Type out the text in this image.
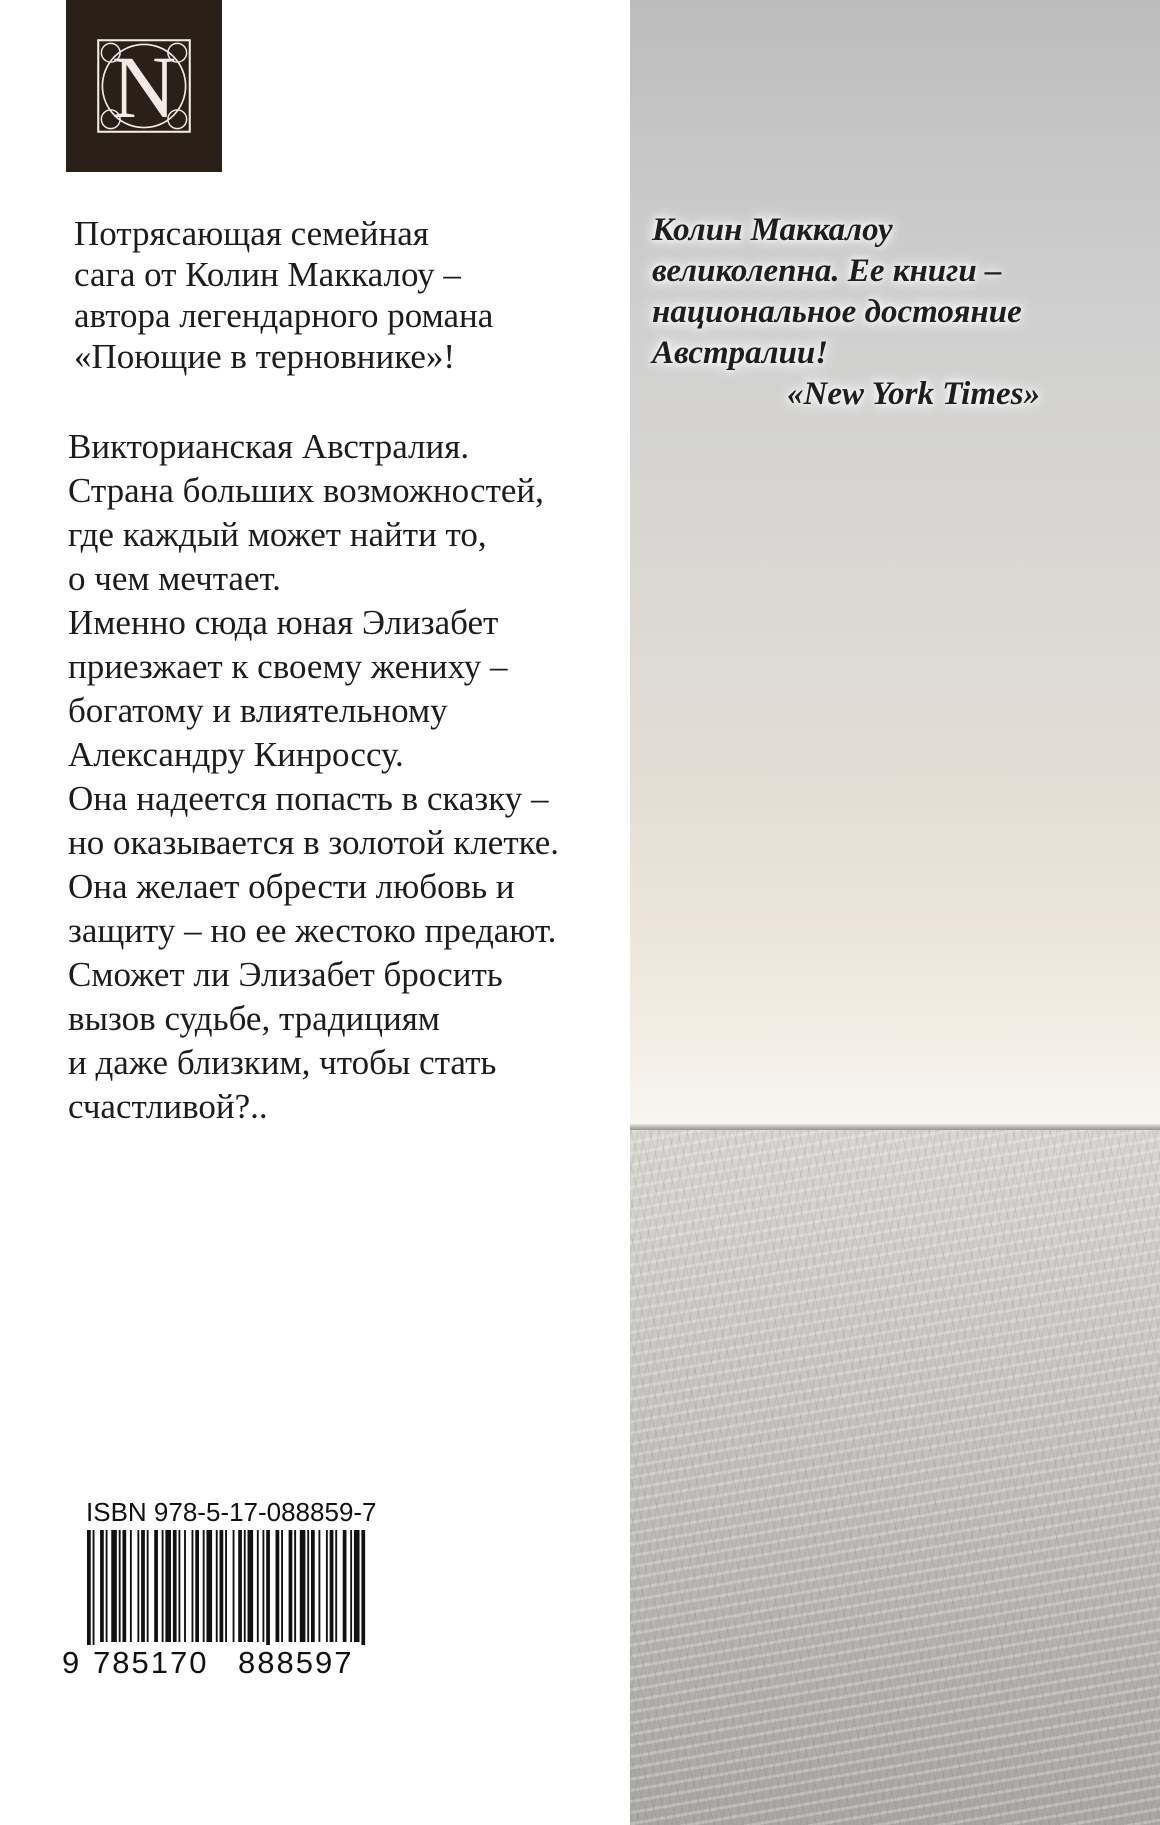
N
Потрясающая семейная
сага от Колин Маккалоу –
автора легендарного романа
«Поющие в терновнике»!
Викторианская Австралия.
Страна больших возможностей,
где каждый может найти то,
о чем мечтает.
Именно сюда юная Элизабет
приезжает к своему жениху –
богатому и влиятельному
Александру Кинроссу.
Она надеется попасть в сказку –
но оказывается в золотой клетке.
Она желает обрести любовь и
защиту – но ее жестоко предают.
Сможет ли Элизабет бросить
вызов судьбе, традициям
и даже близким, чтобы стать
счастливой?..
Колин Маккалоу
великолепна. Ее книги –
национальное достояние
Австралии!
«New York Times»
ISBN 978-5-17-088859-7
9 785170 888597
